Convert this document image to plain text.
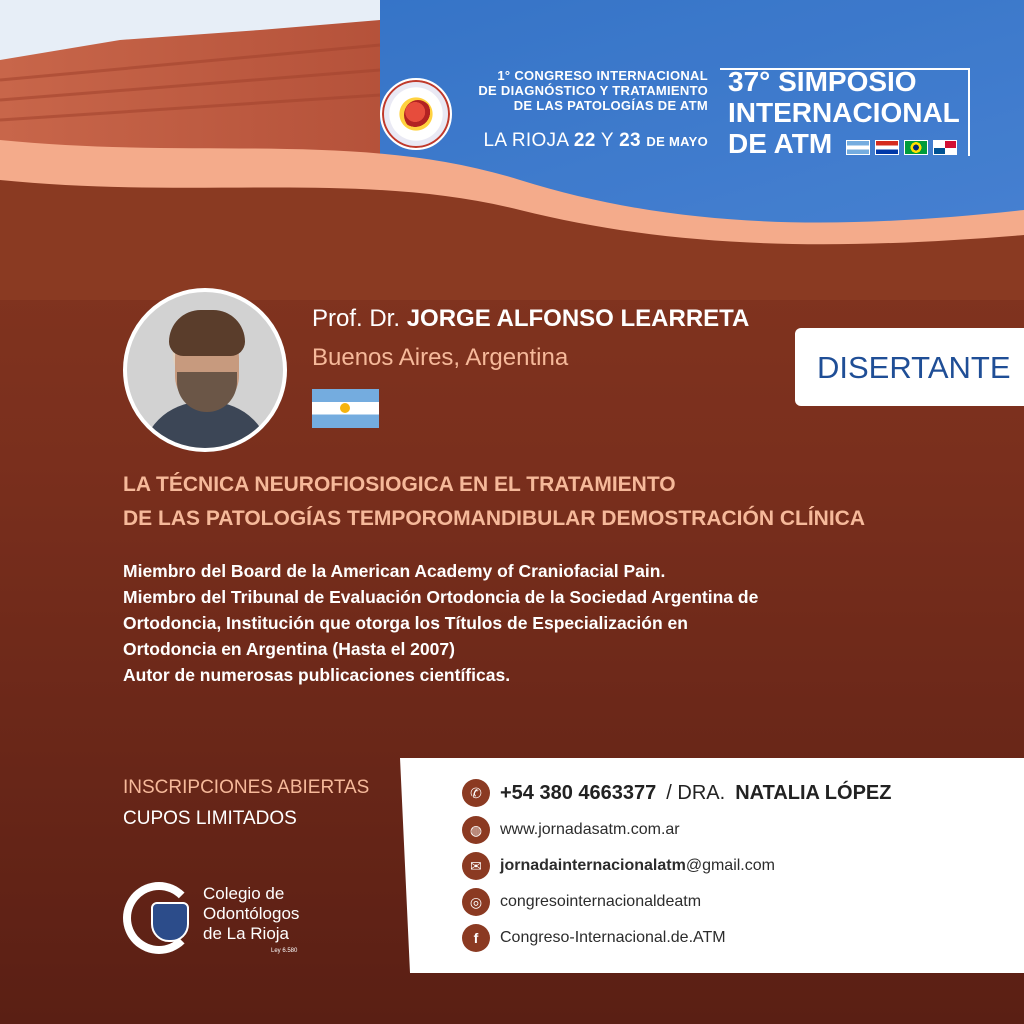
1° CONGRESO INTERNACIONAL
DE DIAGNÓSTICO Y TRATAMIENTO
DE LAS PATOLOGÍAS DE ATM
LA RIOJA 22 Y 23 DE MAYO
37° SIMPOSIO
INTERNACIONAL
DE ATM
Prof. Dr. JORGE ALFONSO LEARRETA
Buenos Aires, Argentina	DISERTANTE
LA TÉCNICA NEUROFIOSIOGICA EN EL TRATAMIENTO
DE LAS PATOLOGÍAS TEMPOROMANDIBULAR DEMOSTRACIÓN CLÍNICA
Miembro del Board de la American Academy of Craniofacial Pain.
Miembro del Tribunal de Evaluación Ortodoncia de la Sociedad Argentina de
Ortodoncia, Institución que otorga los Títulos de Especialización en
Ortodoncia en Argentina (Hasta el 2007)
Autor de numerosas publicaciones científicas.
INSCRIPCIONES ABIERTAS
CUPOS LIMITADOS
Colegio de
Odontólogos
de La Rioja
Ley 6.580
✆ +54 380 4663377 / DRA. NATALIA LÓPEZ
◍	www.jornadasatm.com.ar
✉	jornadainternacionalatm@gmail.com
◎	congresointernacionaldeatm
f	Congreso-Internacional.de.ATM
